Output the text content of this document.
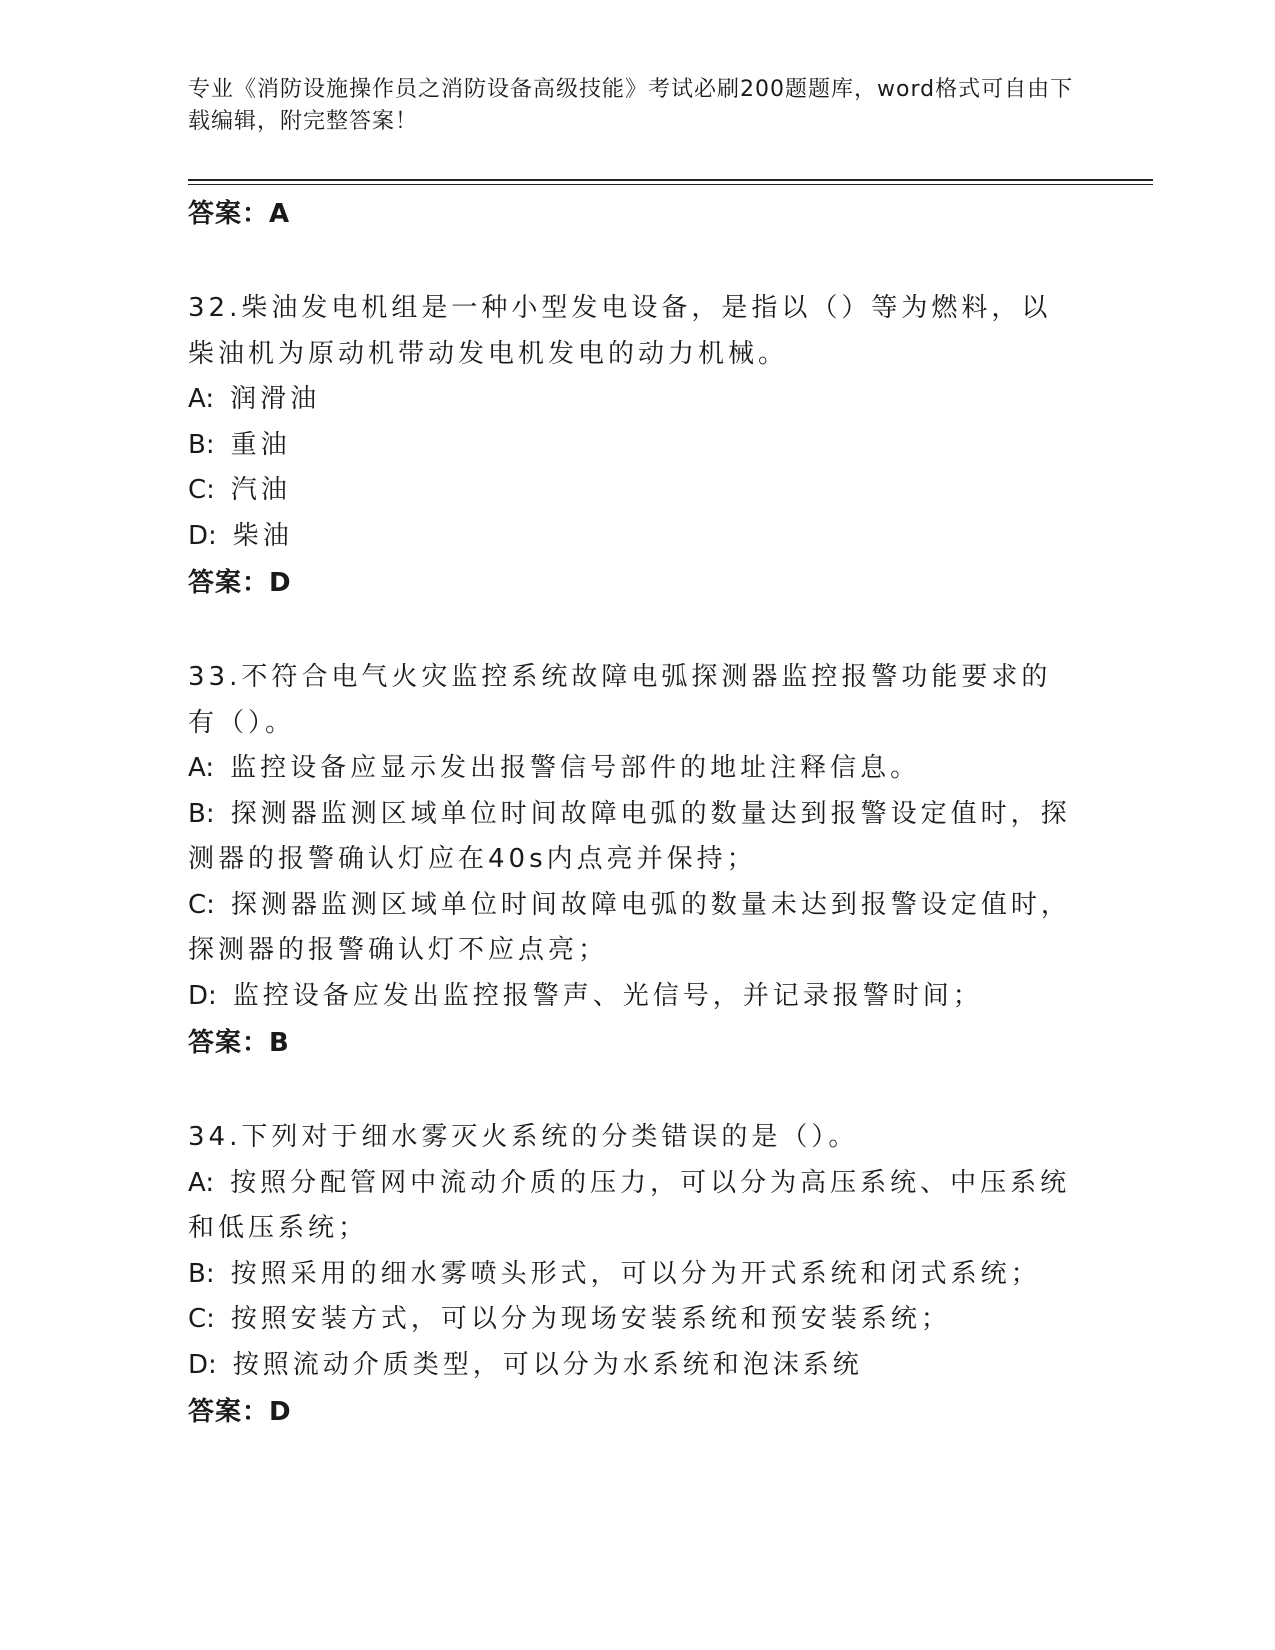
专业《消防设施操作员之消防设备高级技能》考试必刷200题题库，word格式可自由下载编辑，附完整答案！
答案：A
32.柴油发电机组是一种小型发电设备，是指以（）等为燃料，以柴油机为原动机带动发电机发电的动力机械。
A: 润滑油
B: 重油
C: 汽油
D: 柴油
答案：D
33.不符合电气火灾监控系统故障电弧探测器监控报警功能要求的有（）。
A: 监控设备应显示发出报警信号部件的地址注释信息。
B: 探测器监测区域单位时间故障电弧的数量达到报警设定值时，探测器的报警确认灯应在40s内点亮并保持；
C: 探测器监测区域单位时间故障电弧的数量未达到报警设定值时，探测器的报警确认灯不应点亮；
D: 监控设备应发出监控报警声、光信号，并记录报警时间；
答案：B
34.下列对于细水雾灭火系统的分类错误的是（）。
A: 按照分配管网中流动介质的压力，可以分为高压系统、中压系统和低压系统；
B: 按照采用的细水雾喷头形式，可以分为开式系统和闭式系统；
C: 按照安装方式，可以分为现场安装系统和预安装系统；
D: 按照流动介质类型，可以分为水系统和泡沫系统
答案：D
